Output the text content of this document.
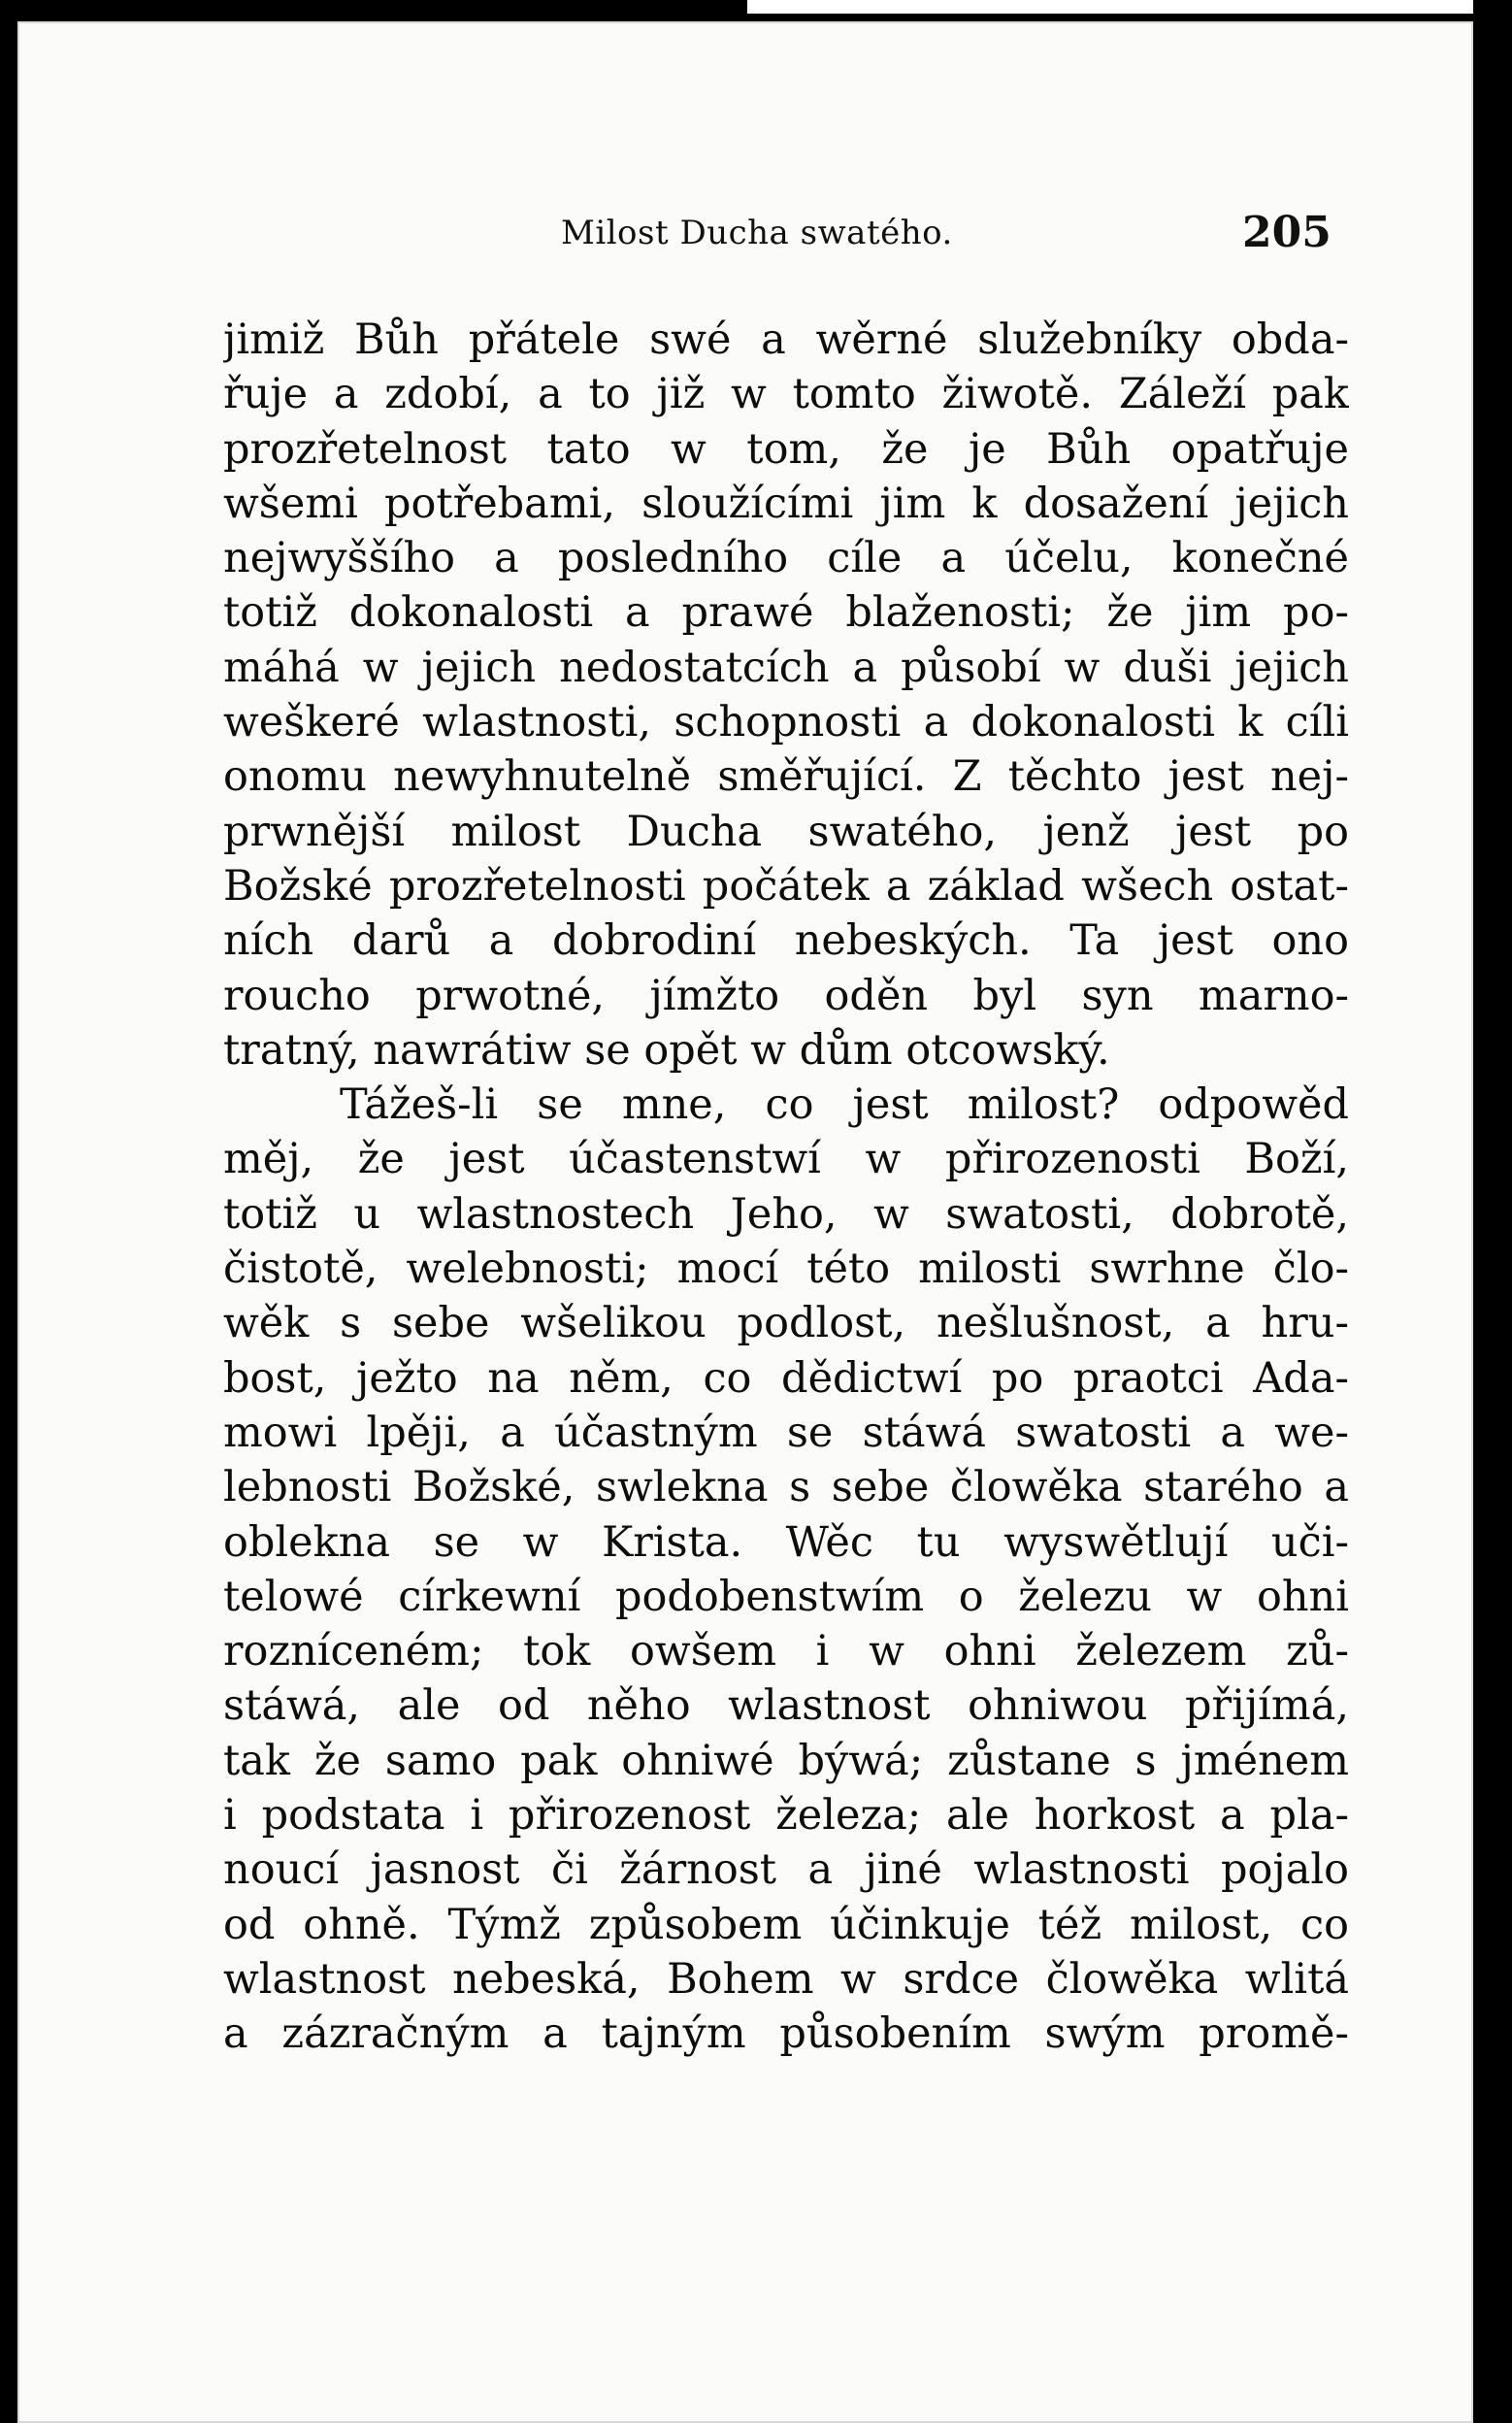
Milost Ducha swatého.	205
jimiž Bůh přátele swé a wěrné služebníky obda-
řuje a zdobí, a to již w tomto žiwotě. Záleží pak
prozřetelnost tato w tom, že je Bůh opatřuje
wšemi potřebami, sloužícími jim k dosažení jejich
nejwyššího a posledního cíle a účelu, konečné
totiž dokonalosti a prawé blaženosti; že jim po-
máhá w jejich nedostatcích a působí w duši jejich
weškeré wlastnosti, schopnosti a dokonalosti k cíli
onomu newyhnutelně směřující. Z těchto jest nej-
prwnější milost Ducha swatého, jenž jest po
Božské prozřetelnosti počátek a základ wšech ostat-
ních darů a dobrodiní nebeských. Ta jest ono
roucho prwotné, jímžto oděn byl syn marno-
tratný, nawrátiw se opět w dům otcowský.
Tážeš-li se mne, co jest milost? odpowěd
měj, že jest účastenstwí w přirozenosti Boží,
totiž u wlastnostech Jeho, w swatosti, dobrotě,
čistotě, welebnosti; mocí této milosti swrhne člo-
wěk s sebe wšelikou podlost, nešlušnost, a hru-
bost, ježto na něm, co dědictwí po praotci Ada-
mowi lpěji, a účastným se stáwá swatosti a we-
lebnosti Božské, swlekna s sebe člowěka starého a
obleknа se w Krista. Wěc tu wyswětlují uči-
telowé církewní podobenstwím o železu w ohni
rozníceném; tok owšem i w ohni železem zů-
stáwá, ale od něho wlastnost ohniwou přijímá,
tak že samo pak ohniwé býwá; zůstane s jménem
i podstata i přirozenost železa; ale horkost a pla-
noucí jasnost či žárnost a jiné wlastnosti pojalo
od ohně. Týmž způsobem účinkuje též milost, co
wlastnost nebeská, Bohem w srdce člowěka wlitá
a zázračným a tajným působením swým promě-
